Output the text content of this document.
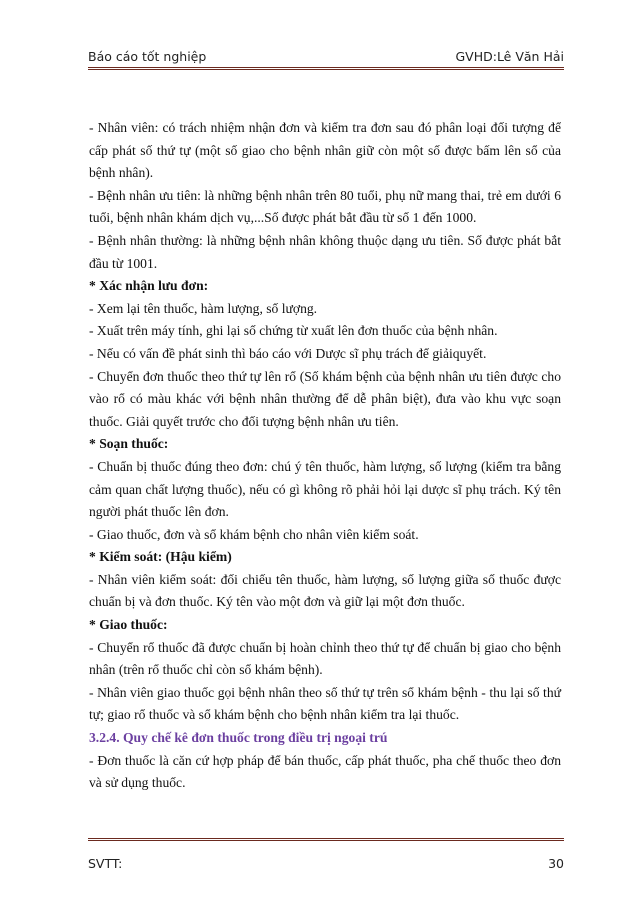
Báo cáo tốt nghiệp	GVHD:Lê Văn Hải

- Nhân viên: có trách nhiệm nhận đơn và kiểm tra đơn sau đó phân loại đối tượng để cấp phát số thứ tự (một số giao cho bệnh nhân giữ còn một số được bấm lên sổ của bệnh nhân).

- Bệnh nhân ưu tiên: là những bệnh nhân trên 80 tuổi, phụ nữ mang thai, trẻ em dưới 6 tuổi, bệnh nhân khám dịch vụ,...Số được phát bắt đầu từ số 1 đến 1000.

- Bệnh nhân thường: là những bệnh nhân không thuộc dạng ưu tiên. Số được phát bắt đầu từ 1001.

* Xác nhận lưu đơn:

- Xem lại tên thuốc, hàm lượng, số lượng.

- Xuất trên máy tính, ghi lại số chứng từ xuất lên đơn thuốc của bệnh nhân.

- Nếu có vấn đề phát sinh thì báo cáo với Dược sĩ phụ trách để giảiquyết.

- Chuyển đơn thuốc theo thứ tự lên rổ (Số khám bệnh của bệnh nhân ưu tiên được cho vào rổ có màu khác với bệnh nhân thường để dễ phân biệt), đưa vào khu vực soạn thuốc. Giải quyết trước cho đối tượng bệnh nhân ưu tiên.

* Soạn thuốc:

- Chuẩn bị thuốc đúng theo đơn: chú ý tên thuốc, hàm lượng, số lượng (kiểm tra bằng cảm quan chất lượng thuốc), nếu có gì không rõ phải hỏi lại dược sĩ phụ trách. Ký tên người phát thuốc lên đơn.

- Giao thuốc, đơn và sổ khám bệnh cho nhân viên kiểm soát.

* Kiểm soát: (Hậu kiểm)

- Nhân viên kiểm soát: đối chiếu tên thuốc, hàm lượng, số lượng giữa số thuốc được chuẩn bị và đơn thuốc. Ký tên vào một đơn và giữ lại một đơn thuốc.

* Giao thuốc:

- Chuyển rổ thuốc đã được chuẩn bị hoàn chỉnh theo thứ tự để chuẩn bị giao cho bệnh nhân (trên rổ thuốc chỉ còn sổ khám bệnh).

- Nhân viên giao thuốc gọi bệnh nhân theo số thứ tự trên sổ khám bệnh - thu lại số thứ tự; giao rổ thuốc và sổ khám bệnh cho bệnh nhân kiểm tra lại thuốc.

3.2.4. Quy chế kê đơn thuốc trong điều trị ngoại trú

- Đơn thuốc là căn cứ hợp pháp để bán thuốc, cấp phát thuốc, pha chế thuốc theo đơn và sử dụng thuốc.

SVTT:	30
